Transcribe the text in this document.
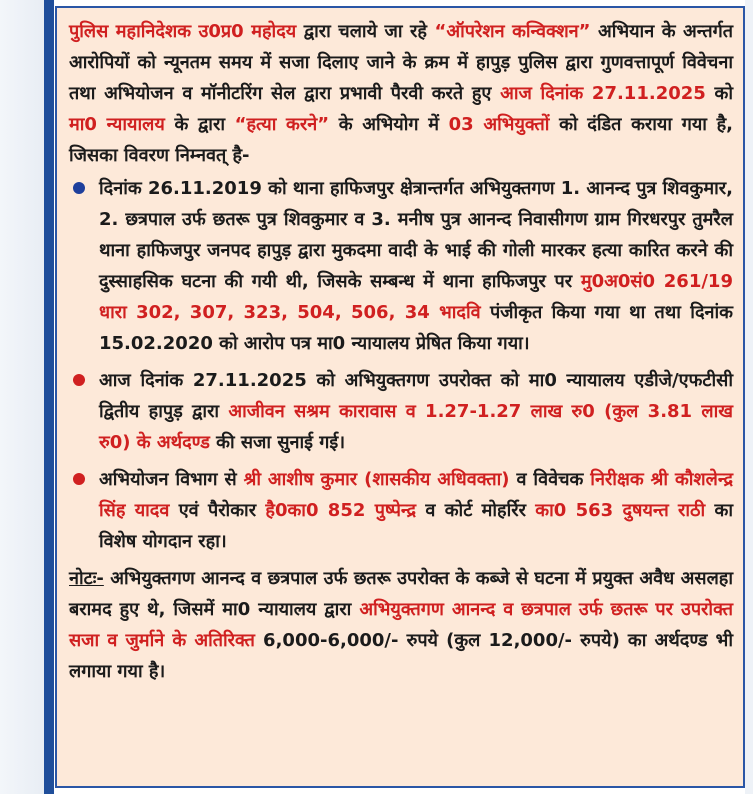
पुलिस महानिदेशक उ0प्र0 महोदय द्वारा चलाये जा रहे “ऑपरेशन कन्विक्शन” अभियान के अन्तर्गत आरोपियों को न्यूनतम समय में सजा दिलाए जाने के क्रम में हापुड़ पुलिस द्वारा गुणवत्तापूर्ण विवेचना तथा अभियोजन व मॉनीटरिंग सेल द्वारा प्रभावी पैरवी करते हुए आज दिनांक 27.11.2025 को मा0 न्यायालय के द्वारा “हत्या करने” के अभियोग में 03 अभियुक्तों को दंडित कराया गया है, जिसका विवरण निम्नवत् है-

दिनांक 26.11.2019 को थाना हाफिजपुर क्षेत्रान्तर्गत अभियुक्तगण 1. आनन्द पुत्र शिवकुमार, 2. छत्रपाल उर्फ छतरू पुत्र शिवकुमार व 3. मनीष पुत्र आनन्द निवासीगण ग्राम गिरधरपुर तुमरैल थाना हाफिजपुर जनपद हापुड़ द्वारा मुकदमा वादी के भाई की गोली मारकर हत्या कारित करने की दुस्साहसिक घटना की गयी थी, जिसके सम्बन्ध में थाना हाफिजपुर पर मु0अ0सं0 261/19 धारा 302, 307, 323, 504, 506, 34 भादवि पंजीकृत किया गया था तथा दिनांक 15.02.2020 को आरोप पत्र मा0 न्यायालय प्रेषित किया गया।
आज दिनांक 27.11.2025 को अभियुक्तगण उपरोक्त को मा0 न्यायालय एडीजे/एफटीसी द्वितीय हापुड़ द्वारा आजीवन सश्रम कारावास व 1.27-1.27 लाख रु0 (कुल 3.81 लाख रु0) के अर्थदण्ड की सजा सुनाई गई।
अभियोजन विभाग से श्री आशीष कुमार (शासकीय अधिवक्ता) व विवेचक निरीक्षक श्री कौशलेन्द्र सिंह यादव एवं पैरोकार है0का0 852 पुष्पेन्द्र व कोर्ट मोहर्रिर का0 563 दुषयन्त राठी का विशेष योगदान रहा।

नोटः- अभियुक्तगण आनन्द व छत्रपाल उर्फ छतरू उपरोक्त के कब्जे से घटना में प्रयुक्त अवैध असलहा बरामद हुए थे, जिसमें मा0 न्यायालय द्वारा अभियुक्तगण आनन्द व छत्रपाल उर्फ छतरू पर उपरोक्त सजा व जुर्माने के अतिरिक्त 6,000-6,000/- रुपये (कुल 12,000/- रुपये) का अर्थदण्ड भी लगाया गया है।
